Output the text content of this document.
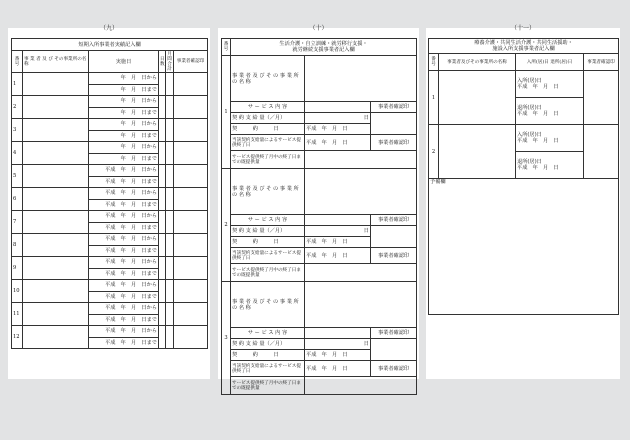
（九）
短期入所事業者実績記入欄					
番号	事 業 者 及 び その事業所の名称	実施日	日数	月間合計	事業者確認印
1		年　月　日から			
		年　月　日まで			
2		年　月　日から			
		年　月　日まで			
3		年　月　日から			
		年　月　日まで			
4		年　月　日から			
		年　月　日まで			
5		平成　年　月　日から			
		平成　年　月　日まで			
6		平成　年　月　日から			
		平成　年　月　日まで			
7		平成　年　月　日から			
		平成　年　月　日まで			
8		平成　年　月　日から			
		平成　年　月　日まで			
9		平成　年　月　日から			
		平成　年　月　日まで			
10		平成　年　月　日から			
		平成　年　月　日まで			
11		平成　年　月　日から			
		平成　年　月　日まで			
12		平成　年　月　日から			
		平成　年　月　日まで			
（十）
番号	生活介護・自立訓練・就労移行支援・
就労継続支援事業者記入欄		

1	事 業 者 及 び そ の 事 業 所 の 名 称		
	サ ー ビ ス 内 容		事業者確認印
	契 約 支 給 量（／月）	日	
	契　　　約　　　日	平成　年　月　日	
	当該契約支給量によるサービス提供終了日	平成　年　月　日	事業者確認印
	サービス提供終了月中の終了日までの既提供量		
2	事 業 者 及 び そ の 事 業 所 の 名 称		
	サ ー ビ ス 内 容		事業者確認印
	契 約 支 給 量（／月）	日	
	契　　　約　　　日	平成　年　月　日	
	当該契約支給量によるサービス提供終了日	平成　年　月　日	事業者確認印
	サービス提供終了月中の終了日までの既提供量		
3	事 業 者 及 び そ の 事 業 所 の 名 称		
	サ ー ビ ス 内 容		事業者確認印
	契 約 支 給 量（／月）	日	
	契　　　約　　　日	平成　年　月　日	
	当該契約支給量によるサービス提供終了日	平成　年　月　日	事業者確認印
	サービス提供終了月中の終了日までの既提供量		
（十一）
療養介護・共同生活介護・共同生活援助・
施設入所支援事業者記入欄			

番号	事業者及びその事業所の名称	入所(居)日 退所(居)日	事業者確認印
1		入所(居)日
平成　年　月　日	

		退所(居)日
平成　年　月　日	

2		入所(居)日
平成　年　月　日	

		退所(居)日
平成　年　月　日	

予備欄			
